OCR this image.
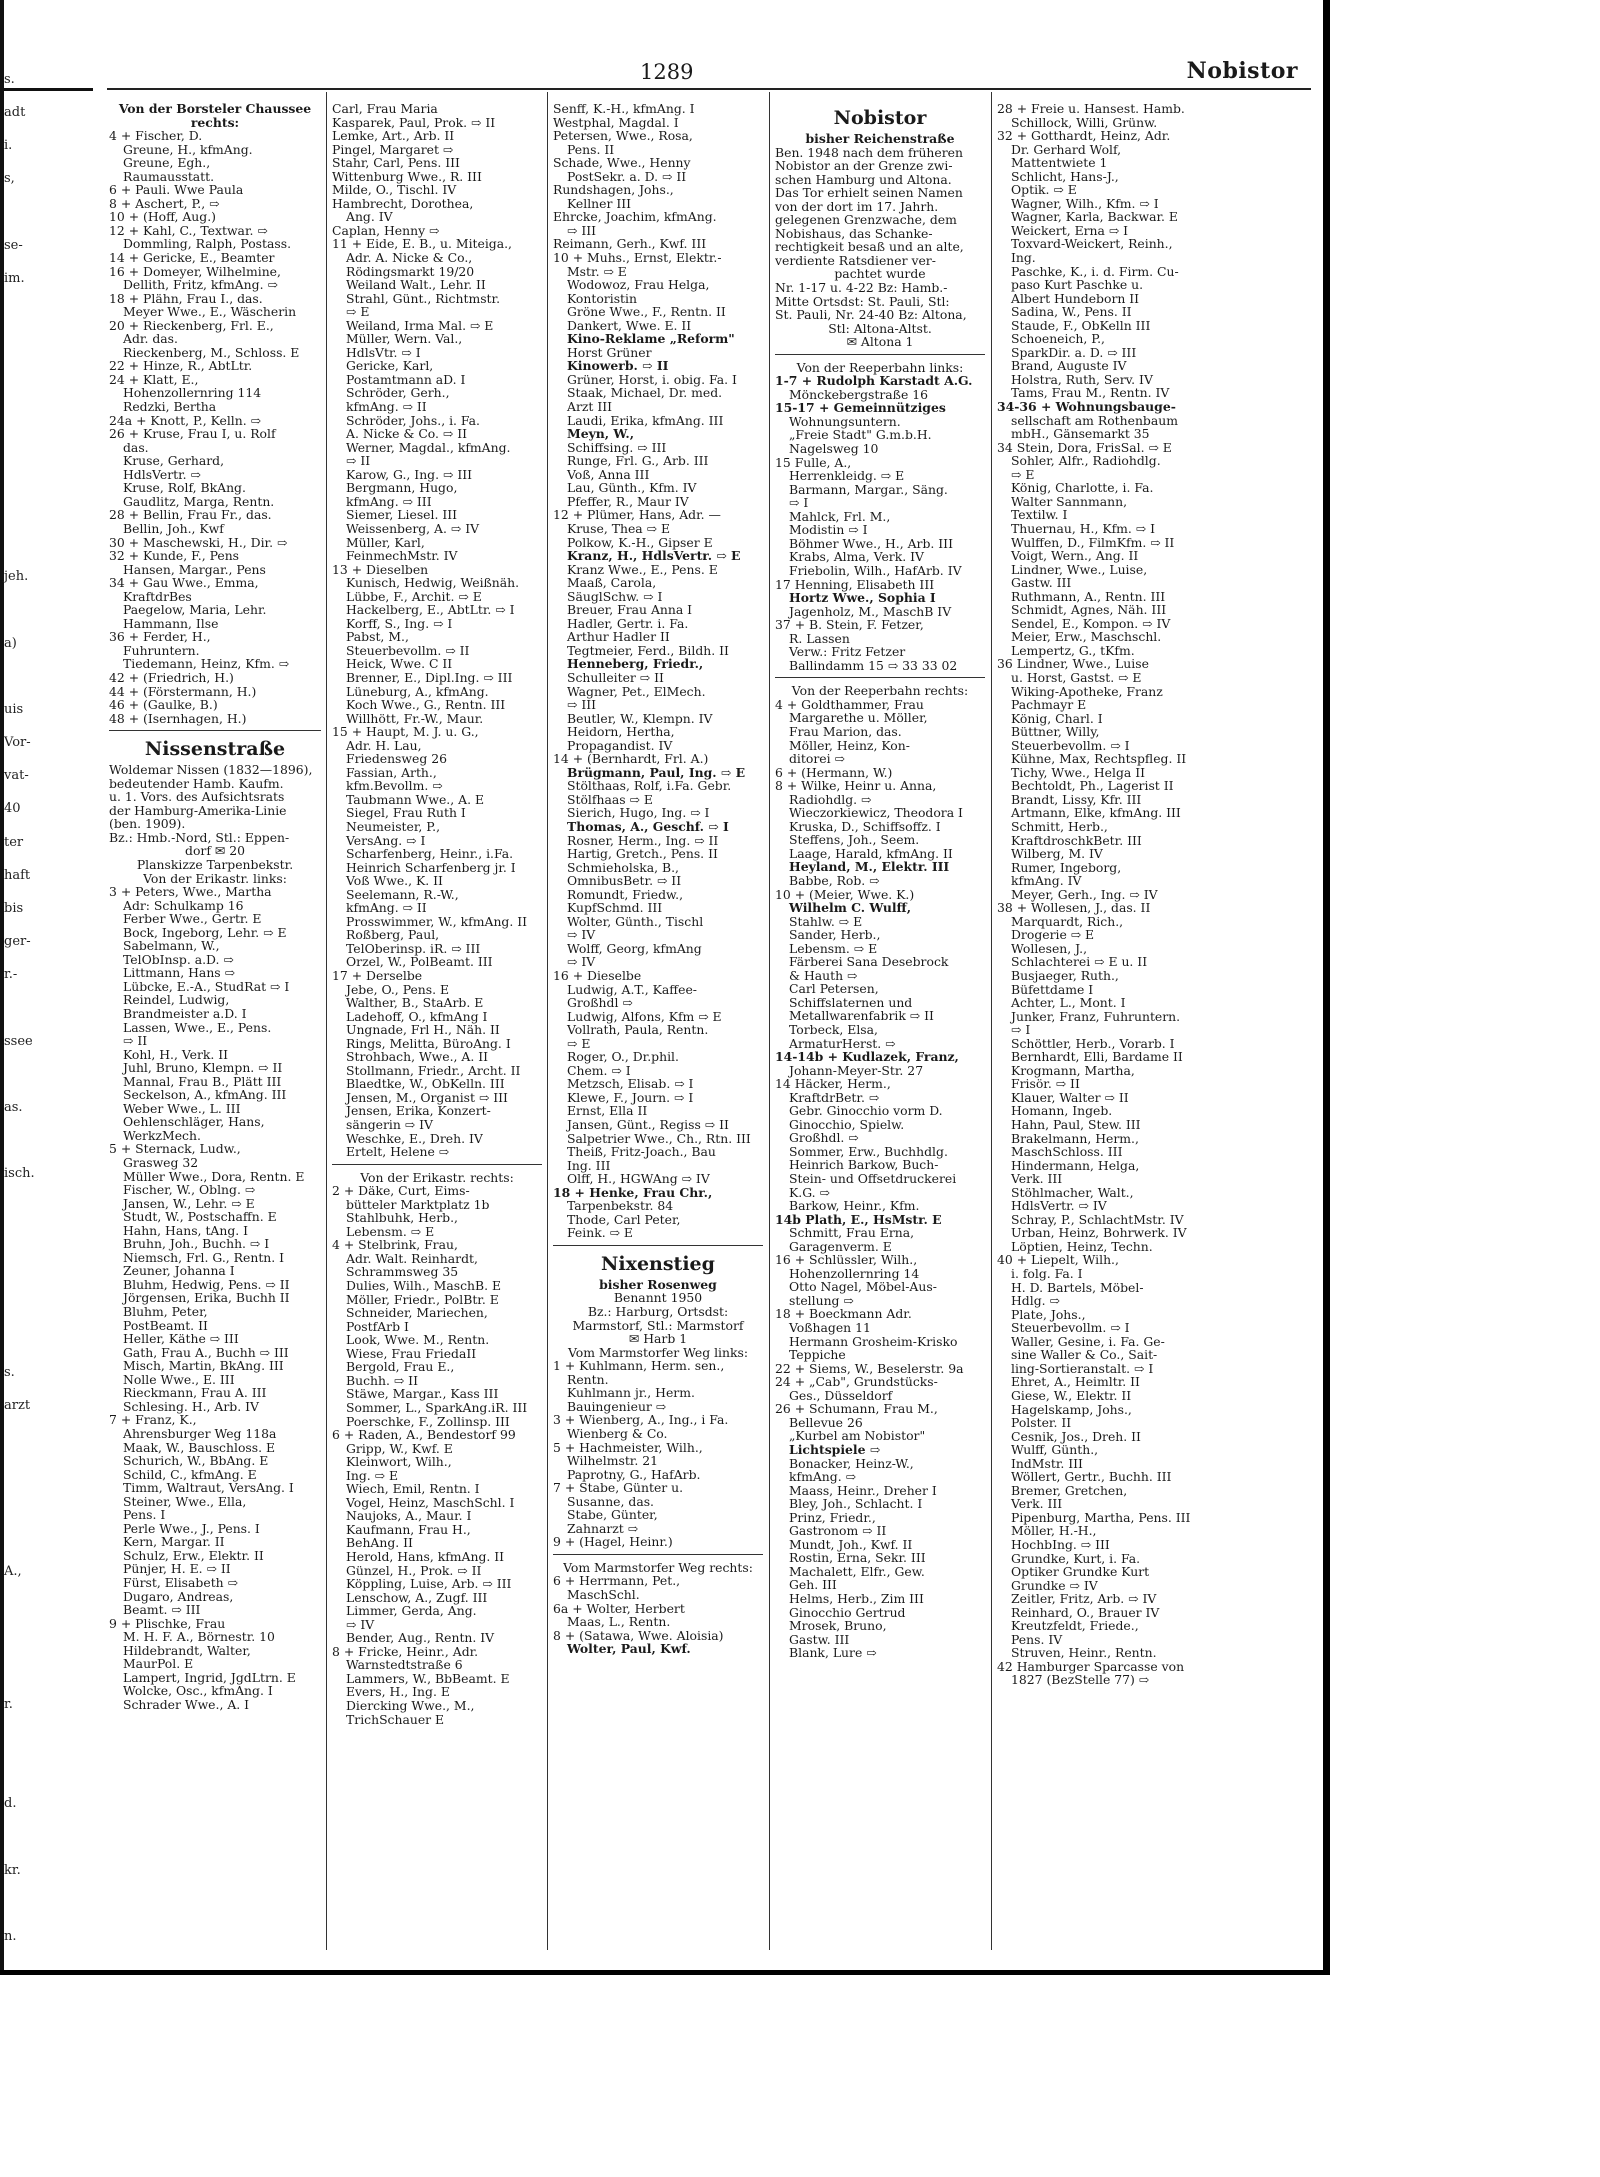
s.
adt
i.
s,
se-
im.
jeh.
a)
uis
Vor-
vat-
40
ter
haft
bis
ger-
r.-
ssee
as.
isch.
s.
arzt
A.,
r.
d.
kr.
n.
1289	Nobistor
Von der Borsteler Chaussee
rechts:
4 + Fischer, D.
Greune, H., kfmAng.
Greune, Egh.,
Raumausstatt.
6 + Pauli. Wwe Paula
8 + Aschert, P., ⇨
10 + (Hoff, Aug.)
12 + Kahl, C., Textwar. ⇨
Dommling, Ralph, Postass.
14 + Gericke, E., Beamter
16 + Domeyer, Wilhelmine,
Dellith, Fritz, kfmAng. ⇨
18 + Plähn, Frau I., das.
Meyer Wwe., E., Wäscherin
20 + Rieckenberg, Frl. E.,
Adr. das.
Rieckenberg, M., Schloss. E
22 + Hinze, R., AbtLtr.
24 + Klatt, E.,
Hohenzollernring 114
Redzki, Bertha
24a + Knott, P., Kelln. ⇨
26 + Kruse, Frau I, u. Rolf
das.
Kruse, Gerhard,
HdlsVertr. ⇨
Kruse, Rolf, BkAng.
Gaudlitz, Marga, Rentn.
28 + Bellin, Frau Fr., das.
Bellin, Joh., Kwf
30 + Maschewski, H., Dir. ⇨
32 + Kunde, F., Pens
Hansen, Margar., Pens
34 + Gau Wwe., Emma,
KraftdrBes
Paegelow, Maria, Lehr.
Hammann, Ilse
36 + Ferder, H.,
Fuhruntern.
Tiedemann, Heinz, Kfm. ⇨
42 + (Friedrich, H.)
44 + (Förstermann, H.)
46 + (Gaulke, B.)
48 + (Isernhagen, H.)
Nissenstraße
Woldemar Nissen (1832—1896),
bedeutender Hamb. Kaufm.
u. 1. Vors. des Aufsichtsrats
der Hamburg-Amerika-Linie
(ben. 1909).
Bz.: Hmb.-Nord, Stl.: Eppen-
dorf ✉ 20
Planskizze Tarpenbekstr.
Von der Erikastr. links:
3 + Peters, Wwe., Martha
Adr: Schulkamp 16
Ferber Wwe., Gertr. E
Bock, Ingeborg, Lehr. ⇨ E
Sabelmann, W.,
TelObInsp. a.D. ⇨
Littmann, Hans ⇨
Lübcke, E.-A., StudRat ⇨ I
Reindel, Ludwig,
Brandmeister a.D. I
Lassen, Wwe., E., Pens.
⇨ II
Kohl, H., Verk. II
Juhl, Bruno, Klempn. ⇨ II
Mannal, Frau B., Plätt III
Seckelson, A., kfmAng. III
Weber Wwe., L. III
Oehlenschläger, Hans,
WerkzMech.
5 + Sternack, Ludw.,
Grasweg 32
Müller Wwe., Dora, Rentn. E
Fischer, W., Oblng. ⇨
Jansen, W., Lehr. ⇨ E
Studt, W., Postschaffn. E
Hahn, Hans, tAng. I
Bruhn, Joh., Buchh. ⇨ I
Niemsch, Frl. G., Rentn. I
Zeuner, Johanna I
Bluhm, Hedwig, Pens. ⇨ II
Jörgensen, Erika, Buchh II
Bluhm, Peter,
PostBeamt. II
Heller, Käthe ⇨ III
Gath, Frau A., Buchh ⇨ III
Misch, Martin, BkAng. III
Nolle Wwe., E. III
Rieckmann, Frau A. III
Schlesing. H., Arb. IV
7 + Franz, K.,
Ahrensburger Weg 118a
Maak, W., Bauschloss. E
Schurich, W., BbAng. E
Schild, C., kfmAng. E
Timm, Waltraut, VersAng. I
Steiner, Wwe., Ella,
Pens. I
Perle Wwe., J., Pens. I
Kern, Margar. II
Schulz, Erw., Elektr. II
Pünjer, H. E. ⇨ II
Fürst, Elisabeth ⇨
Dugaro, Andreas,
Beamt. ⇨ III
9 + Plischke, Frau
M. H. F. A., Börnestr. 10
Hildebrandt, Walter,
MaurPol. E
Lampert, Ingrid, JgdLtrn. E
Wolcke, Osc., kfmAng. I
Schrader Wwe., A. I
Carl, Frau Maria
Kasparek, Paul, Prok. ⇨ II
Lemke, Art., Arb. II
Pingel, Margaret ⇨
Stahr, Carl, Pens. III
Wittenburg Wwe., R. III
Milde, O., Tischl. IV
Hambrecht, Dorothea,
Ang. IV
Caplan, Henny ⇨
11 + Eide, E. B., u. Miteiga.,
Adr. A. Nicke & Co.,
Rödingsmarkt 19/20
Weiland Walt., Lehr. II
Strahl, Günt., Richtmstr.
⇨ E
Weiland, Irma Mal. ⇨ E
Müller, Wern. Val.,
HdlsVtr. ⇨ I
Gericke, Karl,
Postamtmann aD. I
Schröder, Gerh.,
kfmAng. ⇨ II
Schröder, Johs., i. Fa.
A. Nicke & Co. ⇨ II
Werner, Magdal., kfmAng.
⇨ II
Karow, G., Ing. ⇨ III
Bergmann, Hugo,
kfmAng. ⇨ III
Siemer, Liesel. III
Weissenberg, A. ⇨ IV
Müller, Karl,
FeinmechMstr. IV
13 + Dieselben
Kunisch, Hedwig, Weißnäh.
Lübbe, F., Archit. ⇨ E
Hackelberg, E., AbtLtr. ⇨ I
Korff, S., Ing. ⇨ I
Pabst, M.,
Steuerbevollm. ⇨ II
Heick, Wwe. C II
Brenner, E., Dipl.Ing. ⇨ III
Lüneburg, A., kfmAng.
Koch Wwe., G., Rentn. III
Willhött, Fr.-W., Maur.
15 + Haupt, M. J. u. G.,
Adr. H. Lau,
Friedensweg 26
Fassian, Arth.,
kfm.Bevollm. ⇨
Taubmann Wwe., A. E
Siegel, Frau Ruth I
Neumeister, P.,
VersAng. ⇨ I
Scharfenberg, Heinr., i.Fa.
Heinrich Scharfenberg jr. I
Voß Wwe., K. II
Seelemann, R.-W.,
kfmAng. ⇨ II
Prosswimmer, W., kfmAng. II
Roßberg, Paul,
TelOberinsp. iR. ⇨ III
Orzel, W., PolBeamt. III
17 + Derselbe
Jebe, O., Pens. E
Walther, B., StaArb. E
Ladehoff, O., kfmAng I
Ungnade, Frl H., Näh. II
Rings, Melitta, BüroAng. I
Strohbach, Wwe., A. II
Stollmann, Friedr., Archt. II
Blaedtke, W., ObKelln. III
Jensen, M., Organist ⇨ III
Jensen, Erika, Konzert-
sängerin ⇨ IV
Weschke, E., Dreh. IV
Ertelt, Helene ⇨
Von der Erikastr. rechts:
2 + Däke, Curt, Eims-
bütteler Marktplatz 1b
Stahlbuhk, Herb.,
Lebensm. ⇨ E
4 + Stelbrink, Frau,
Adr. Walt. Reinhardt,
Schrammsweg 35
Dulies, Wilh., MaschB. E
Möller, Friedr., PolBtr. E
Schneider, Mariechen,
PostfArb I
Look, Wwe. M., Rentn.
Wiese, Frau FriedaII
Bergold, Frau E.,
Buchh. ⇨ II
Stäwe, Margar., Kass III
Sommer, L., SparkAng.iR. III
Poerschke, F., Zollinsp. III
6 + Raden, A., Bendestorf 99
Gripp, W., Kwf. E
Kleinwort, Wilh.,
Ing. ⇨ E
Wiech, Emil, Rentn. I
Vogel, Heinz, MaschSchl. I
Naujoks, A., Maur. I
Kaufmann, Frau H.,
BehAng. II
Herold, Hans, kfmAng. II
Günzel, H., Prok. ⇨ II
Köppling, Luise, Arb. ⇨ III
Lenschow, A., Zugf. III
Limmer, Gerda, Ang.
⇨ IV
Bender, Aug., Rentn. IV
8 + Fricke, Heinr., Adr.
Warnstedtstraße 6
Lammers, W., BbBeamt. E
Evers, H., Ing. E
Diercking Wwe., M.,
TrichSchauer E
Senff, K.-H., kfmAng. I
Westphal, Magdal. I
Petersen, Wwe., Rosa,
Pens. II
Schade, Wwe., Henny
PostSekr. a. D. ⇨ II
Rundshagen, Johs.,
Kellner III
Ehrcke, Joachim, kfmAng.
⇨ III
Reimann, Gerh., Kwf. III
10 + Muhs., Ernst, Elektr.-
Mstr. ⇨ E
Wodowoz, Frau Helga,
Kontoristin
Gröne Wwe., F., Rentn. II
Dankert, Wwe. E. II
Kino-Reklame „Reform"
Horst Grüner
Kinowerb. ⇨ II
Grüner, Horst, i. obig. Fa. I
Staak, Michael, Dr. med.
Arzt III
Laudi, Erika, kfmAng. III
Meyn, W.,
Schiffsing. ⇨ III
Runge, Frl. G., Arb. III
Voß, Anna III
Lau, Günth., Kfm. IV
Pfeffer, R., Maur IV
12 + Plümer, Hans, Adr. —
Kruse, Thea ⇨ E
Polkow, K.-H., Gipser E
Kranz, H., HdlsVertr. ⇨ E
Kranz Wwe., E., Pens. E
Maaß, Carola,
SäuglSchw. ⇨ I
Breuer, Frau Anna I
Hadler, Gertr. i. Fa.
Arthur Hadler II
Tegtmeier, Ferd., Bildh. II
Henneberg, Friedr.,
Schulleiter ⇨ II
Wagner, Pet., ElMech.
⇨ III
Beutler, W., Klempn. IV
Heidorn, Hertha,
Propagandist. IV
14 + (Bernhardt, Frl. A.)
Brügmann, Paul, Ing. ⇨ E
Stölthaas, Rolf, i.Fa. Gebr.
Stölfhaas ⇨ E
Sierich, Hugo, Ing. ⇨ I
Thomas, A., Geschf. ⇨ I
Rosner, Herm., Ing. ⇨ II
Hartig, Gretch., Pens. II
Schmieholska, B.,
OmnibusBetr. ⇨ II
Romundt, Friedw.,
KupfSchmd. III
Wolter, Günth., Tischl
⇨ IV
Wolff, Georg, kfmAng
⇨ IV
16 + Dieselbe
Ludwig, A.T., Kaffee-
Großhdl ⇨
Ludwig, Alfons, Kfm ⇨ E
Vollrath, Paula, Rentn.
⇨ E
Roger, O., Dr.phil.
Chem. ⇨ I
Metzsch, Elisab. ⇨ I
Klewe, F., Journ. ⇨ I
Ernst, Ella II
Jansen, Günt., Regiss ⇨ II
Salpetrier Wwe., Ch., Rtn. III
Theiß, Fritz-Joach., Bau
Ing. III
Olff, H., HGWAng ⇨ IV
18 + Henke, Frau Chr.,
Tarpenbekstr. 84
Thode, Carl Peter,
Feink. ⇨ E
Nixenstieg
bisher Rosenweg
Benannt 1950
Bz.: Harburg, Ortsdst:
Marmstorf, Stl.: Marmstorf
✉ Harb 1
Vom Marmstorfer Weg links:
1 + Kuhlmann, Herm. sen.,
Rentn.
Kuhlmann jr., Herm.
Bauingenieur ⇨
3 + Wienberg, A., Ing., i Fa.
Wienberg & Co.
5 + Hachmeister, Wilh.,
Wilhelmstr. 21
Paprotny, G., HafArb.
7 + Stabe, Günter u.
Susanne, das.
Stabe, Günter,
Zahnarzt ⇨
9 + (Hagel, Heinr.)
Vom Marmstorfer Weg rechts:
6 + Herrmann, Pet.,
MaschSchl.
6a + Wolter, Herbert
Maas, L., Rentn.
8 + (Satawa, Wwe. Aloisia)
Wolter, Paul, Kwf.
Nobistor
bisher Reichenstraße
Ben. 1948 nach dem früheren
Nobistor an der Grenze zwi-
schen Hamburg und Altona.
Das Tor erhielt seinen Namen
von der dort im 17. Jahrh.
gelegenen Grenzwache, dem
Nobishaus, das Schanke-
rechtigkeit besaß und an alte,
verdiente Ratsdiener ver-
pachtet wurde
Nr. 1-17 u. 4-22 Bz: Hamb.-
Mitte Ortsdst: St. Pauli, Stl:
St. Pauli, Nr. 24-40 Bz: Altona,
Stl: Altona-Altst.
✉ Altona 1
Von der Reeperbahn links:
1-7 + Rudolph Karstadt A.G.
Mönckebergstraße 16
15-17 + Gemeinnütziges
Wohnungsuntern.
„Freie Stadt" G.m.b.H.
Nagelsweg 10
15 Fulle, A.,
Herrenkleidg. ⇨ E
Barmann, Margar., Säng.
⇨ I
Mahlck, Frl. M.,
Modistin ⇨ I
Böhmer Wwe., H., Arb. III
Krabs, Alma, Verk. IV
Friebolin, Wilh., HafArb. IV
17 Henning, Elisabeth III
Hortz Wwe., Sophia I
Jagenholz, M., MaschB IV
37 + B. Stein, F. Fetzer,
R. Lassen
Verw.: Fritz Fetzer
Ballindamm 15 ⇨ 33 33 02
Von der Reeperbahn rechts:
4 + Goldthammer, Frau
Margarethe u. Möller,
Frau Marion, das.
Möller, Heinz, Kon-
ditorei ⇨
6 + (Hermann, W.)
8 + Wilke, Heinr u. Anna,
Radiohdlg. ⇨
Wieczorkiewicz, Theodora I
Kruska, D., Schiffsoffz. I
Steffens, Joh., Seem.
Laage, Harald, kfmAng. II
Heyland, M., Elektr. III
Babbe, Rob. ⇨
10 + (Meier, Wwe. K.)
Wilhelm C. Wulff,
Stahlw. ⇨ E
Sander, Herb.,
Lebensm. ⇨ E
Färberei Sana Desebrock
& Hauth ⇨
Carl Petersen,
Schiffslaternen und
Metallwarenfabrik ⇨ II
Torbeck, Elsa,
ArmaturHerst. ⇨
14-14b + Kudlazek, Franz,
Johann-Meyer-Str. 27
14 Häcker, Herm.,
KraftdrBetr. ⇨
Gebr. Ginocchio vorm D.
Ginocchio, Spielw.
Großhdl. ⇨
Sommer, Erw., Buchhdlg.
Heinrich Barkow, Buch-
Stein- und Offsetdruckerei
K.G. ⇨
Barkow, Heinr., Kfm.
14b Plath, E., HsMstr. E
Schmitt, Frau Erna,
Garagenverm. E
16 + Schlüssler, Wilh.,
Hohenzollernring 14
Otto Nagel, Möbel-Aus-
stellung ⇨
18 + Boeckmann Adr.
Voßhagen 11
Hermann Grosheim-Krisko
Teppiche
22 + Siems, W., Beselerstr. 9a
24 + „Cab", Grundstücks-
Ges., Düsseldorf
26 + Schumann, Frau M.,
Bellevue 26
„Kurbel am Nobistor"
Lichtspiele ⇨
Bonacker, Heinz-W.,
kfmAng. ⇨
Maass, Heinr., Dreher I
Bley, Joh., Schlacht. I
Prinz, Friedr.,
Gastronom ⇨ II
Mundt, Joh., Kwf. II
Rostin, Erna, Sekr. III
Machalett, Elfr., Gew.
Geh. III
Helms, Herb., Zim III
Ginocchio Gertrud
Mrosek, Bruno,
Gastw. III
Blank, Lure ⇨
28 + Freie u. Hansest. Hamb.
Schillock, Willi, Grünw.
32 + Gotthardt, Heinz, Adr.
Dr. Gerhard Wolf,
Mattentwiete 1
Schlicht, Hans-J.,
Optik. ⇨ E
Wagner, Wilh., Kfm. ⇨ I
Wagner, Karla, Backwar. E
Weickert, Erna ⇨ I
Toxvard-Weickert, Reinh.,
Ing.
Paschke, K., i. d. Firm. Cu-
paso Kurt Paschke u.
Albert Hundeborn II
Sadina, W., Pens. II
Staude, F., ObKelln III
Schoeneich, P.,
SparkDir. a. D. ⇨ III
Brand, Auguste IV
Holstra, Ruth, Serv. IV
Tams, Frau M., Rentn. IV
34-36 + Wohnungsbauge-
sellschaft am Rothenbaum
mbH., Gänsemarkt 35
34 Stein, Dora, FrisSal. ⇨ E
Sohler, Alfr., Radiohdlg.
⇨ E
König, Charlotte, i. Fa.
Walter Sannmann,
Textilw. I
Thuernau, H., Kfm. ⇨ I
Wulffen, D., FilmKfm. ⇨ II
Voigt, Wern., Ang. II
Lindner, Wwe., Luise,
Gastw. III
Ruthmann, A., Rentn. III
Schmidt, Agnes, Näh. III
Sendel, E., Kompon. ⇨ IV
Meier, Erw., Maschschl.
Lempertz, G., tKfm.
36 Lindner, Wwe., Luise
u. Horst, Gastst. ⇨ E
Wiking-Apotheke, Franz
Pachmayr E
König, Charl. I
Büttner, Willy,
Steuerbevollm. ⇨ I
Kühne, Max, Rechtspfleg. II
Tichy, Wwe., Helga II
Bechtoldt, Ph., Lagerist II
Brandt, Lissy, Kfr. III
Artmann, Elke, kfmAng. III
Schmitt, Herb.,
KraftdroschkBetr. III
Wilberg, M. IV
Rumer, Ingeborg,
kfmAng. IV
Meyer, Gerh., Ing. ⇨ IV
38 + Wollesen, J., das. II
Marquardt, Rich.,
Drogerie ⇨ E
Wollesen, J.,
Schlachterei ⇨ E u. II
Busjaeger, Ruth.,
Büfettdame I
Achter, L., Mont. I
Junker, Franz, Fuhruntern.
⇨ I
Schöttler, Herb., Vorarb. I
Bernhardt, Elli, Bardame II
Krogmann, Martha,
Frisör. ⇨ II
Klauer, Walter ⇨ II
Homann, Ingeb.
Hahn, Paul, Stew. III
Brakelmann, Herm.,
MaschSchloss. III
Hindermann, Helga,
Verk. III
Stöhlmacher, Walt.,
HdlsVertr. ⇨ IV
Schray, P., SchlachtMstr. IV
Urban, Heinz, Bohrwerk. IV
Löptien, Heinz, Techn.
40 + Liepelt, Wilh.,
i. folg. Fa. I
H. D. Bartels, Möbel-
Hdlg. ⇨
Plate, Johs.,
Steuerbevollm. ⇨ I
Waller, Gesine, i. Fa. Ge-
sine Waller & Co., Sait-
ling-Sortieranstalt. ⇨ I
Ehret, A., Heimltr. II
Giese, W., Elektr. II
Hagelskamp, Johs.,
Polster. II
Cesnik, Jos., Dreh. II
Wulff, Günth.,
IndMstr. III
Wöllert, Gertr., Buchh. III
Bremer, Gretchen,
Verk. III
Pipenburg, Martha, Pens. III
Möller, H.-H.,
HochbIng. ⇨ III
Grundke, Kurt, i. Fa.
Optiker Grundke Kurt
Grundke ⇨ IV
Zeitler, Fritz, Arb. ⇨ IV
Reinhard, O., Brauer IV
Kreutzfeldt, Friede.,
Pens. IV
Struven, Heinr., Rentn.
42 Hamburger Sparcasse von
1827 (BezStelle 77) ⇨
